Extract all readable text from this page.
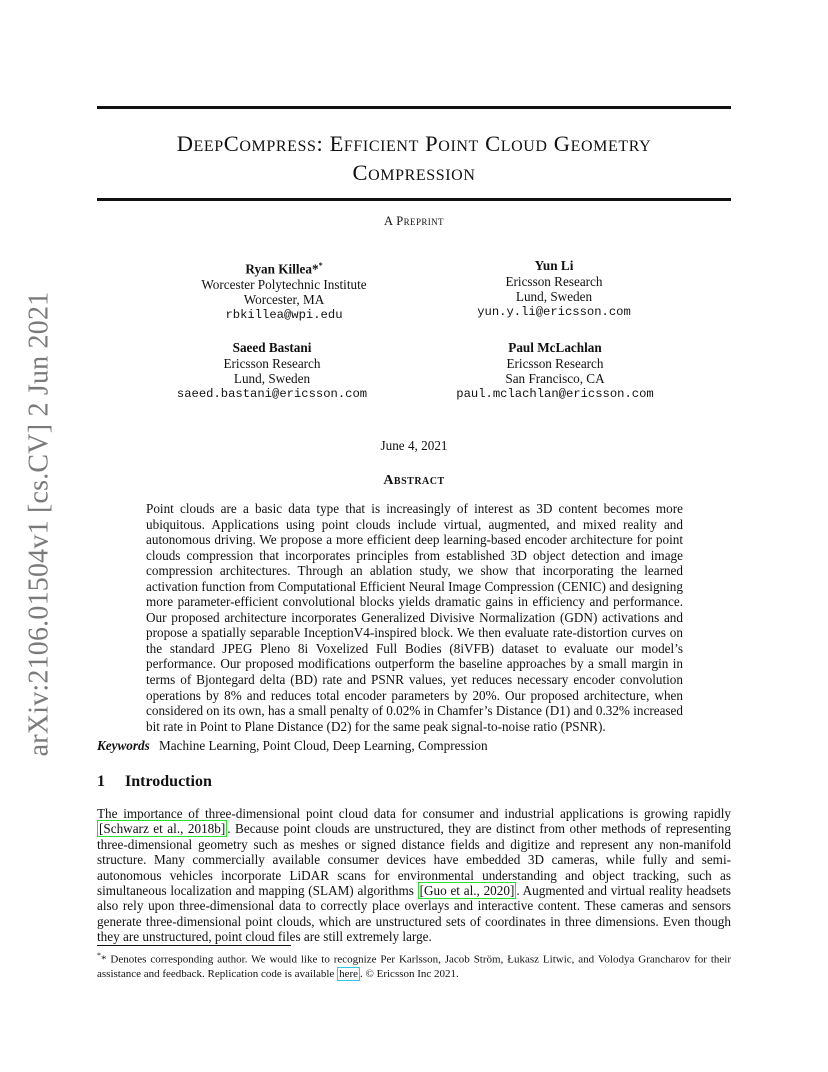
arXiv:2106.01504v1 [cs.CV] 2 Jun 2021
DeepCompress: Efficient Point Cloud Geometry
Compression
A Preprint
Ryan Killea**
Worcester Polytechnic Institute
Worcester, MA
rbkillea@wpi.edu
Yun Li
Ericsson Research
Lund, Sweden
yun.y.li@ericsson.com
Saeed Bastani
Ericsson Research
Lund, Sweden
saeed.bastani@ericsson.com
Paul McLachlan
Ericsson Research
San Francisco, CA
paul.mclachlan@ericsson.com
June 4, 2021
Abstract

Point clouds are a basic data type that is increasingly of interest as 3D content becomes more ubiquitous. Applications using point clouds include virtual, augmented, and mixed reality and autonomous driving. We propose a more efficient deep learning-based encoder architecture for point clouds compression that incorporates principles from established 3D object detection and image compression architectures. Through an ablation study, we show that incorporating the learned activation function from Computational Efficient Neural Image Compression (CENIC) and designing more parameter-efficient convolutional blocks yields dramatic gains in efficiency and performance. Our proposed architecture incorporates Generalized Divisive Normalization (GDN) activations and propose a spatially separable InceptionV4-inspired block. We then evaluate rate-distortion curves on the standard JPEG Pleno 8i Voxelized Full Bodies (8iVFB) dataset to evaluate our model’s performance. Our proposed modifications outperform the baseline approaches by a small margin in terms of Bjontegard delta (BD) rate and PSNR values, yet reduces necessary encoder convolution operations by 8% and reduces total encoder parameters by 20%. Our proposed architecture, when considered on its own, has a small penalty of 0.02% in Chamfer’s Distance (D1) and 0.32% increased bit rate in Point to Plane Distance (D2) for the same peak signal-to-noise ratio (PSNR).

Keywords Machine Learning, Point Cloud, Deep Learning, Compression
1 Introduction

The importance of three-dimensional point cloud data for consumer and industrial applications is growing rapidly [Schwarz et al., 2018b] . Because point clouds are unstructured, they are distinct from other methods of representing three-dimensional geometry such as meshes or signed distance fields and digitize and represent any non-manifold structure. Many commercially available consumer devices have embedded 3D cameras, while fully and semi-autonomous vehicles incorporate LiDAR scans for environmental understanding and object tracking, such as simultaneous localization and mapping (SLAM) algorithms [Guo et al., 2020] . Augmented and virtual reality headsets also rely upon three-dimensional data to correctly place overlays and interactive content. These cameras and sensors generate three-dimensional point clouds, which are unstructured sets of coordinates in three dimensions. Even though they are unstructured, point cloud files are still extremely large.

** Denotes corresponding author. We would like to recognize Per Karlsson, Jacob Ström, Łukasz Litwic, and Volodya Grancharov for their assistance and feedback. Replication code is available here . © Ericsson Inc 2021.
